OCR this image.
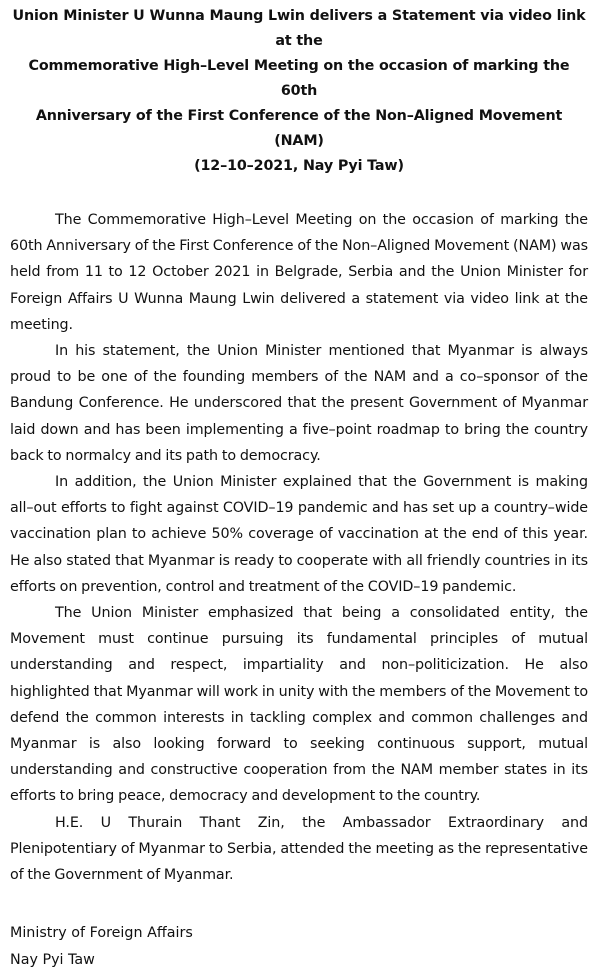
Union Minister U Wunna Maung Lwin delivers a Statement via video link at the
Commemorative High–Level Meeting on the occasion of marking the 60th
Anniversary of the First Conference of the Non–Aligned Movement (NAM)
(12–10–2021, Nay Pyi Taw)

The Commemorative High–Level Meeting on the occasion of marking the 60th Anniversary of the First Conference of the Non–Aligned Movement (NAM) was held from 11 to 12 October 2021 in Belgrade, Serbia and the Union Minister for Foreign Affairs U Wunna Maung Lwin delivered a statement via video link at the meeting.

In his statement, the Union Minister mentioned that Myanmar is always proud to be one of the founding members of the NAM and a co–sponsor of the Bandung Conference. He underscored that the present Government of Myanmar laid down and has been implementing a five–point roadmap to bring the country back to normalcy and its path to democracy.

In addition, the Union Minister explained that the Government is making all–out efforts to fight against COVID–19 pandemic and has set up a country–wide vaccination plan to achieve 50% coverage of vaccination at the end of this year. He also stated that Myanmar is ready to cooperate with all friendly countries in its efforts on prevention, control and treatment of the COVID–19 pandemic.

The Union Minister emphasized that being a consolidated entity, the Movement must continue pursuing its fundamental principles of mutual understanding and respect, impartiality and non–politicization. He also highlighted that Myanmar will work in unity with the members of the Movement to defend the common interests in tackling complex and common challenges and Myanmar is also looking forward to seeking continuous support, mutual understanding and constructive cooperation from the NAM member states in its efforts to bring peace, democracy and development to the country.

H.E. U Thurain Thant Zin, the Ambassador Extraordinary and Plenipotentiary of Myanmar to Serbia, attended the meeting as the representative of the Government of Myanmar.

Ministry of Foreign Affairs
Nay Pyi Taw
